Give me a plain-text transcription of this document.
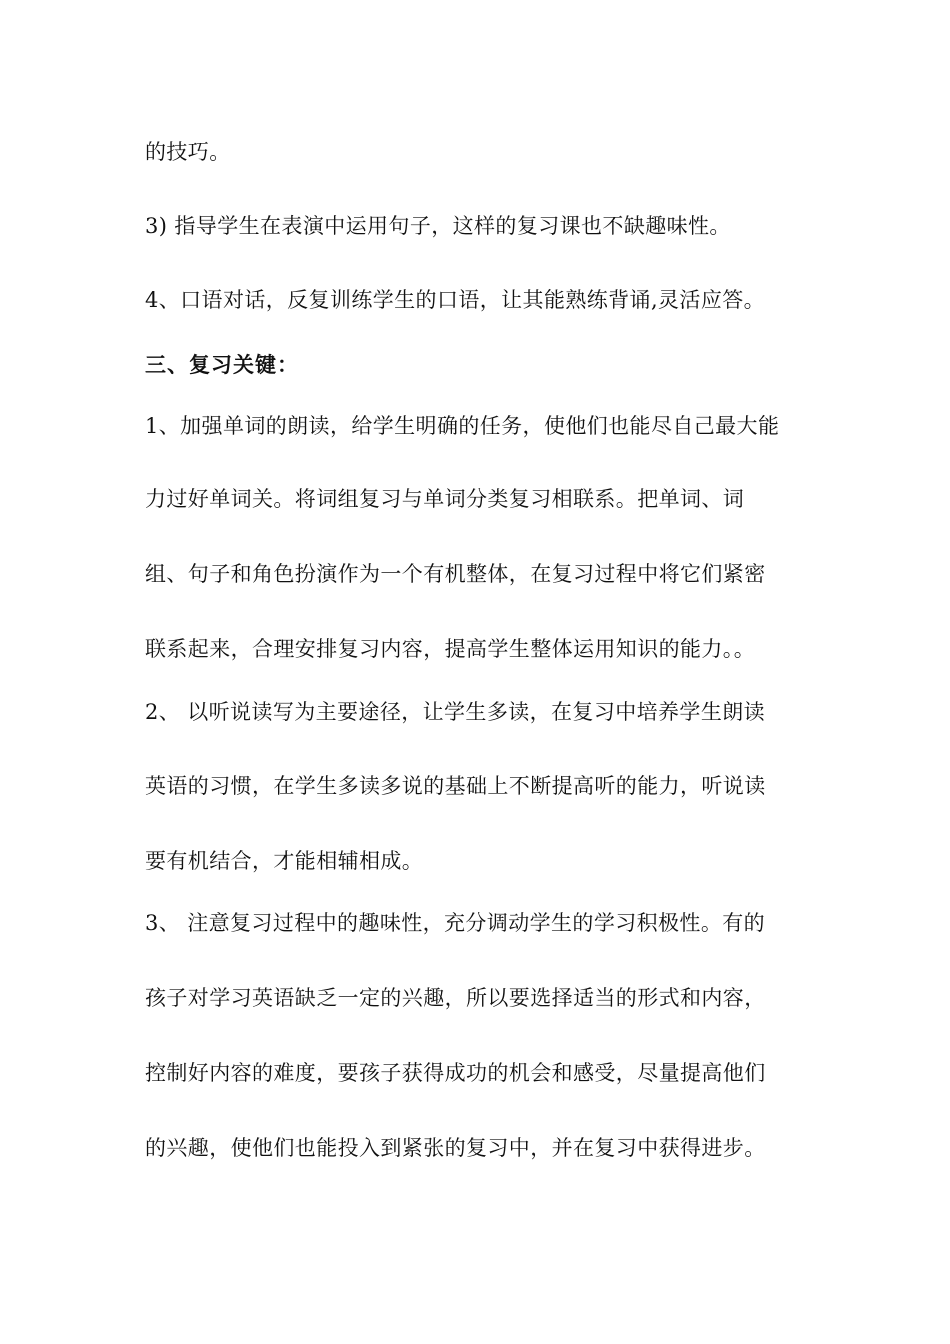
的技巧。
3) 指导学生在表演中运用句子，这样的复习课也不缺趣味性。
4、口语对话，反复训练学生的口语，让其能熟练背诵,灵活应答。
三、复习关键：
1、加强单词的朗读，给学生明确的任务，使他们也能尽自己最大能
力过好单词关。将词组复习与单词分类复习相联系。把单词、词
组、句子和角色扮演作为一个有机整体，在复习过程中将它们紧密
联系起来，合理安排复习内容，提高学生整体运用知识的能力。。
2、 以听说读写为主要途径，让学生多读，在复习中培养学生朗读
英语的习惯，在学生多读多说的基础上不断提高听的能力，听说读
要有机结合，才能相辅相成。
3、 注意复习过程中的趣味性，充分调动学生的学习积极性。有的
孩子对学习英语缺乏一定的兴趣，所以要选择适当的形式和内容，
控制好内容的难度，要孩子获得成功的机会和感受，尽量提高他们
的兴趣，使他们也能投入到紧张的复习中，并在复习中获得进步。
